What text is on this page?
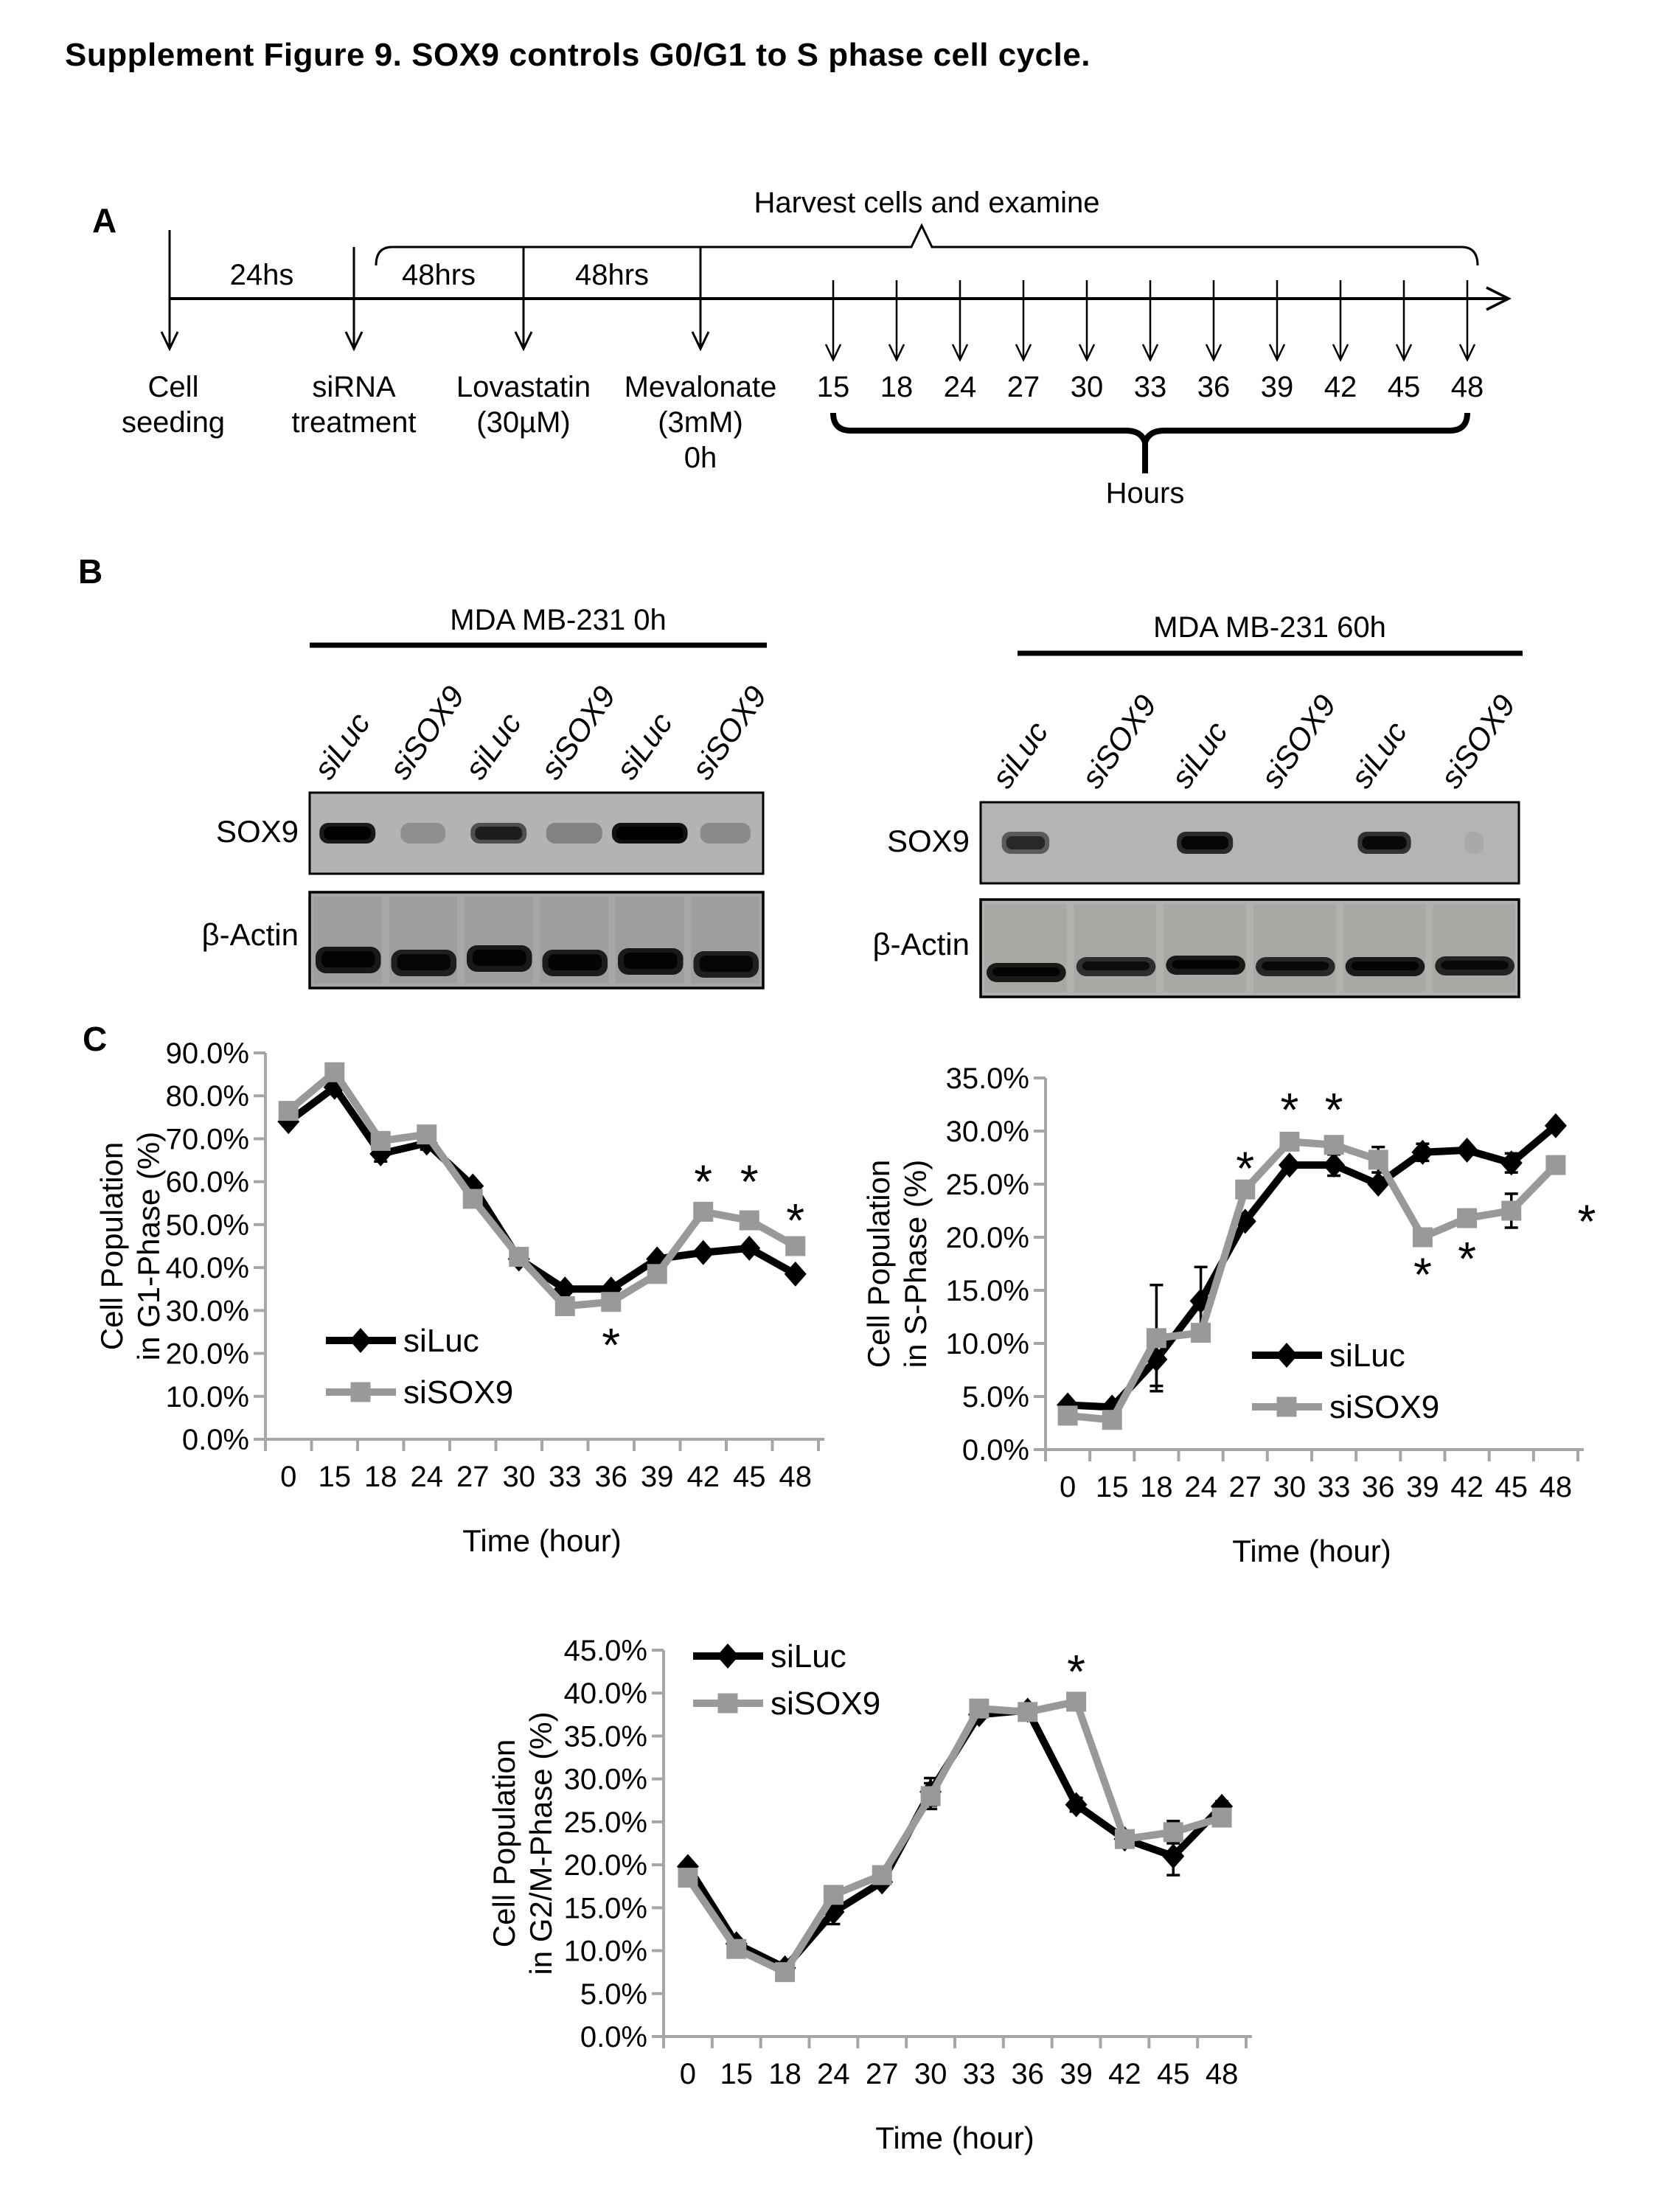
Supplement Figure 9. SOX9 controls G0/G1 to S phase cell cycle.
A
B
C
24hs	48hrs	48hrs
Harvest cells and examine
15 18 24 27 30 33 36 39 42 45 48
Cell
seeding
siRNA
treatment
Lovastatin
(30µM)
Mevalonate
(3mM)
0h
Hours
MDA MB-231 0h
siLuc siSOX9
siLuc siSOX9
siLuc siSOX9
SOX9
β-Actin
MDA MB-231 60h
siLuc siSOX9 siLuc siSOX9 siLuc siSOX9
SOX9
β-Actin
0.0%
10.0%
20.0%
30.0%
40.0%
50.0%
60.0%
70.0%
80.0%
90.0%
0 15 18 24 27 30 33 36 39 42 45 48
*
* *
*
Cell Population in G1-Phase (%)
Time (hour)
siLuc
siSOX9
0.0%
5.0%
10.0%
15.0%
20.0%
25.0%
30.0%
35.0%
0 15 18 24 27 30 33 36 39 42 45 48
*
* *
* *
*
Cell Population in S-Phase (%)
Time (hour)
siLuc
siSOX9
0.0%
5.0%
10.0%
15.0%
20.0%
25.0%
30.0%
35.0%
40.0%
45.0%
0 15 18 24 27 30 33 36 39 42 45 48
*
Cell Population in G2/M-Phase (%)
Time (hour)
siLuc
siSOX9
